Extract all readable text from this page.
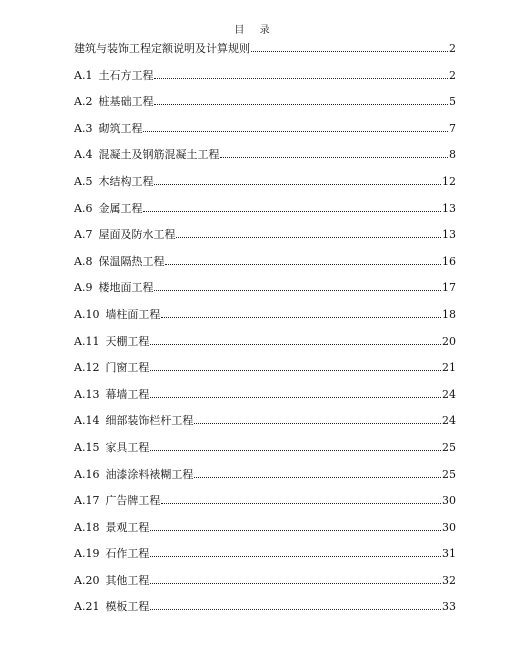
目 录
建筑与装饰工程定额说明及计算规则	2
A.1 土石方工程	2
A.2 桩基础工程	5
A.3 砌筑工程	7
A.4 混凝土及钢筋混凝土工程	8
A.5 木结构工程	12
A.6 金属工程	13
A.7 屋面及防水工程	13
A.8 保温隔热工程	16
A.9 楼地面工程	17
A.10 墙柱面工程	18
A.11 天棚工程	20
A.12 门窗工程	21
A.13 幕墙工程	24
A.14 细部装饰栏杆工程	24
A.15 家具工程	25
A.16 油漆涂料裱糊工程	25
A.17 广告牌工程	30
A.18 景观工程	30
A.19 石作工程	31
A.20 其他工程	32
A.21 模板工程	33
